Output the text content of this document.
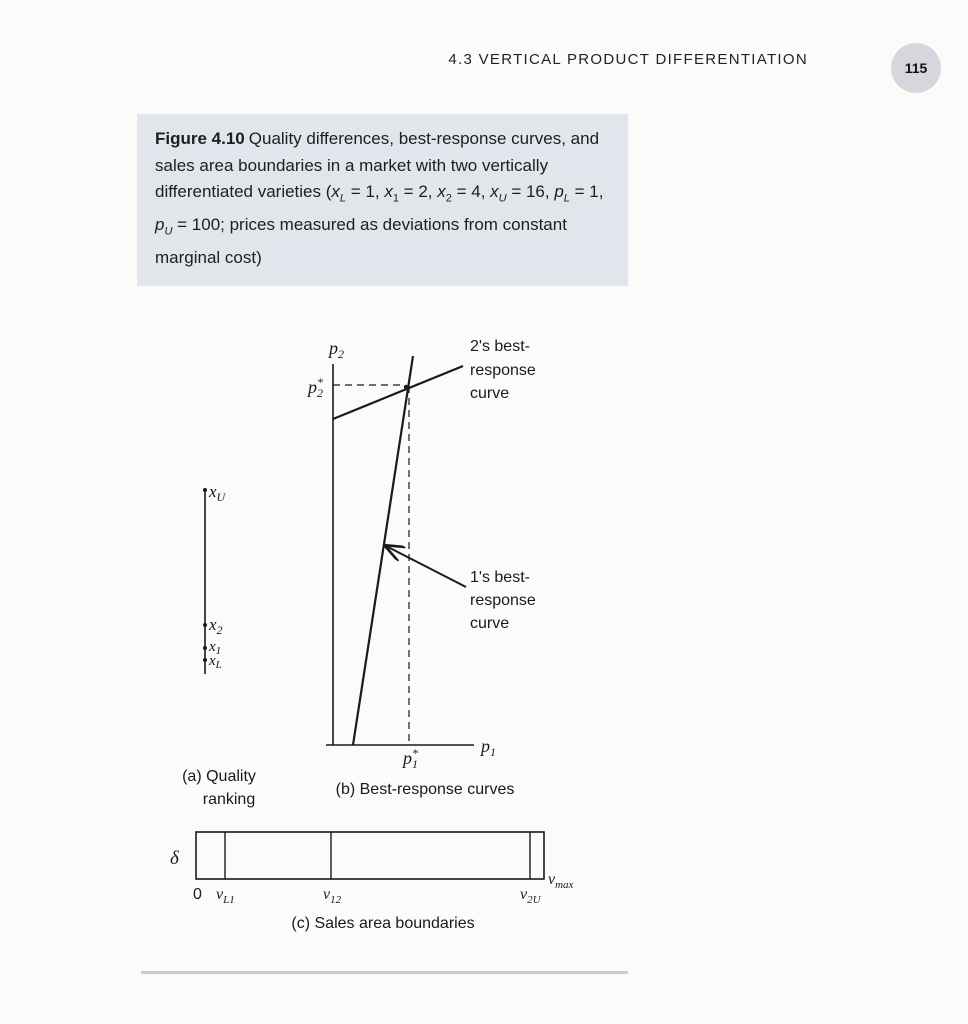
4.3 VERTICAL PRODUCT DIFFERENTIATION	115
Figure 4.10 Quality differences, best-response curves, and sales area boundaries in a market with two vertically differentiated varieties ($x_L = 1$, $x_1 = 2$, $x_2 = 4$, $x_U = 16$, $p_L = 1$, $p_U = 100$; prices measured as deviations from constant marginal cost)
$x_U$
$x_2$
$x_1$
$x_L$
(a) Quality
ranking
$p_2$
$p_1$
p* 2
p* 1
2's best-
response
curve
1's best-
response
curve
(b) Best-response curves
δ
0 $v_{L1}$	$v_{12}$	$v_{2U}$
$v_{max}$
(c) Sales area boundaries
